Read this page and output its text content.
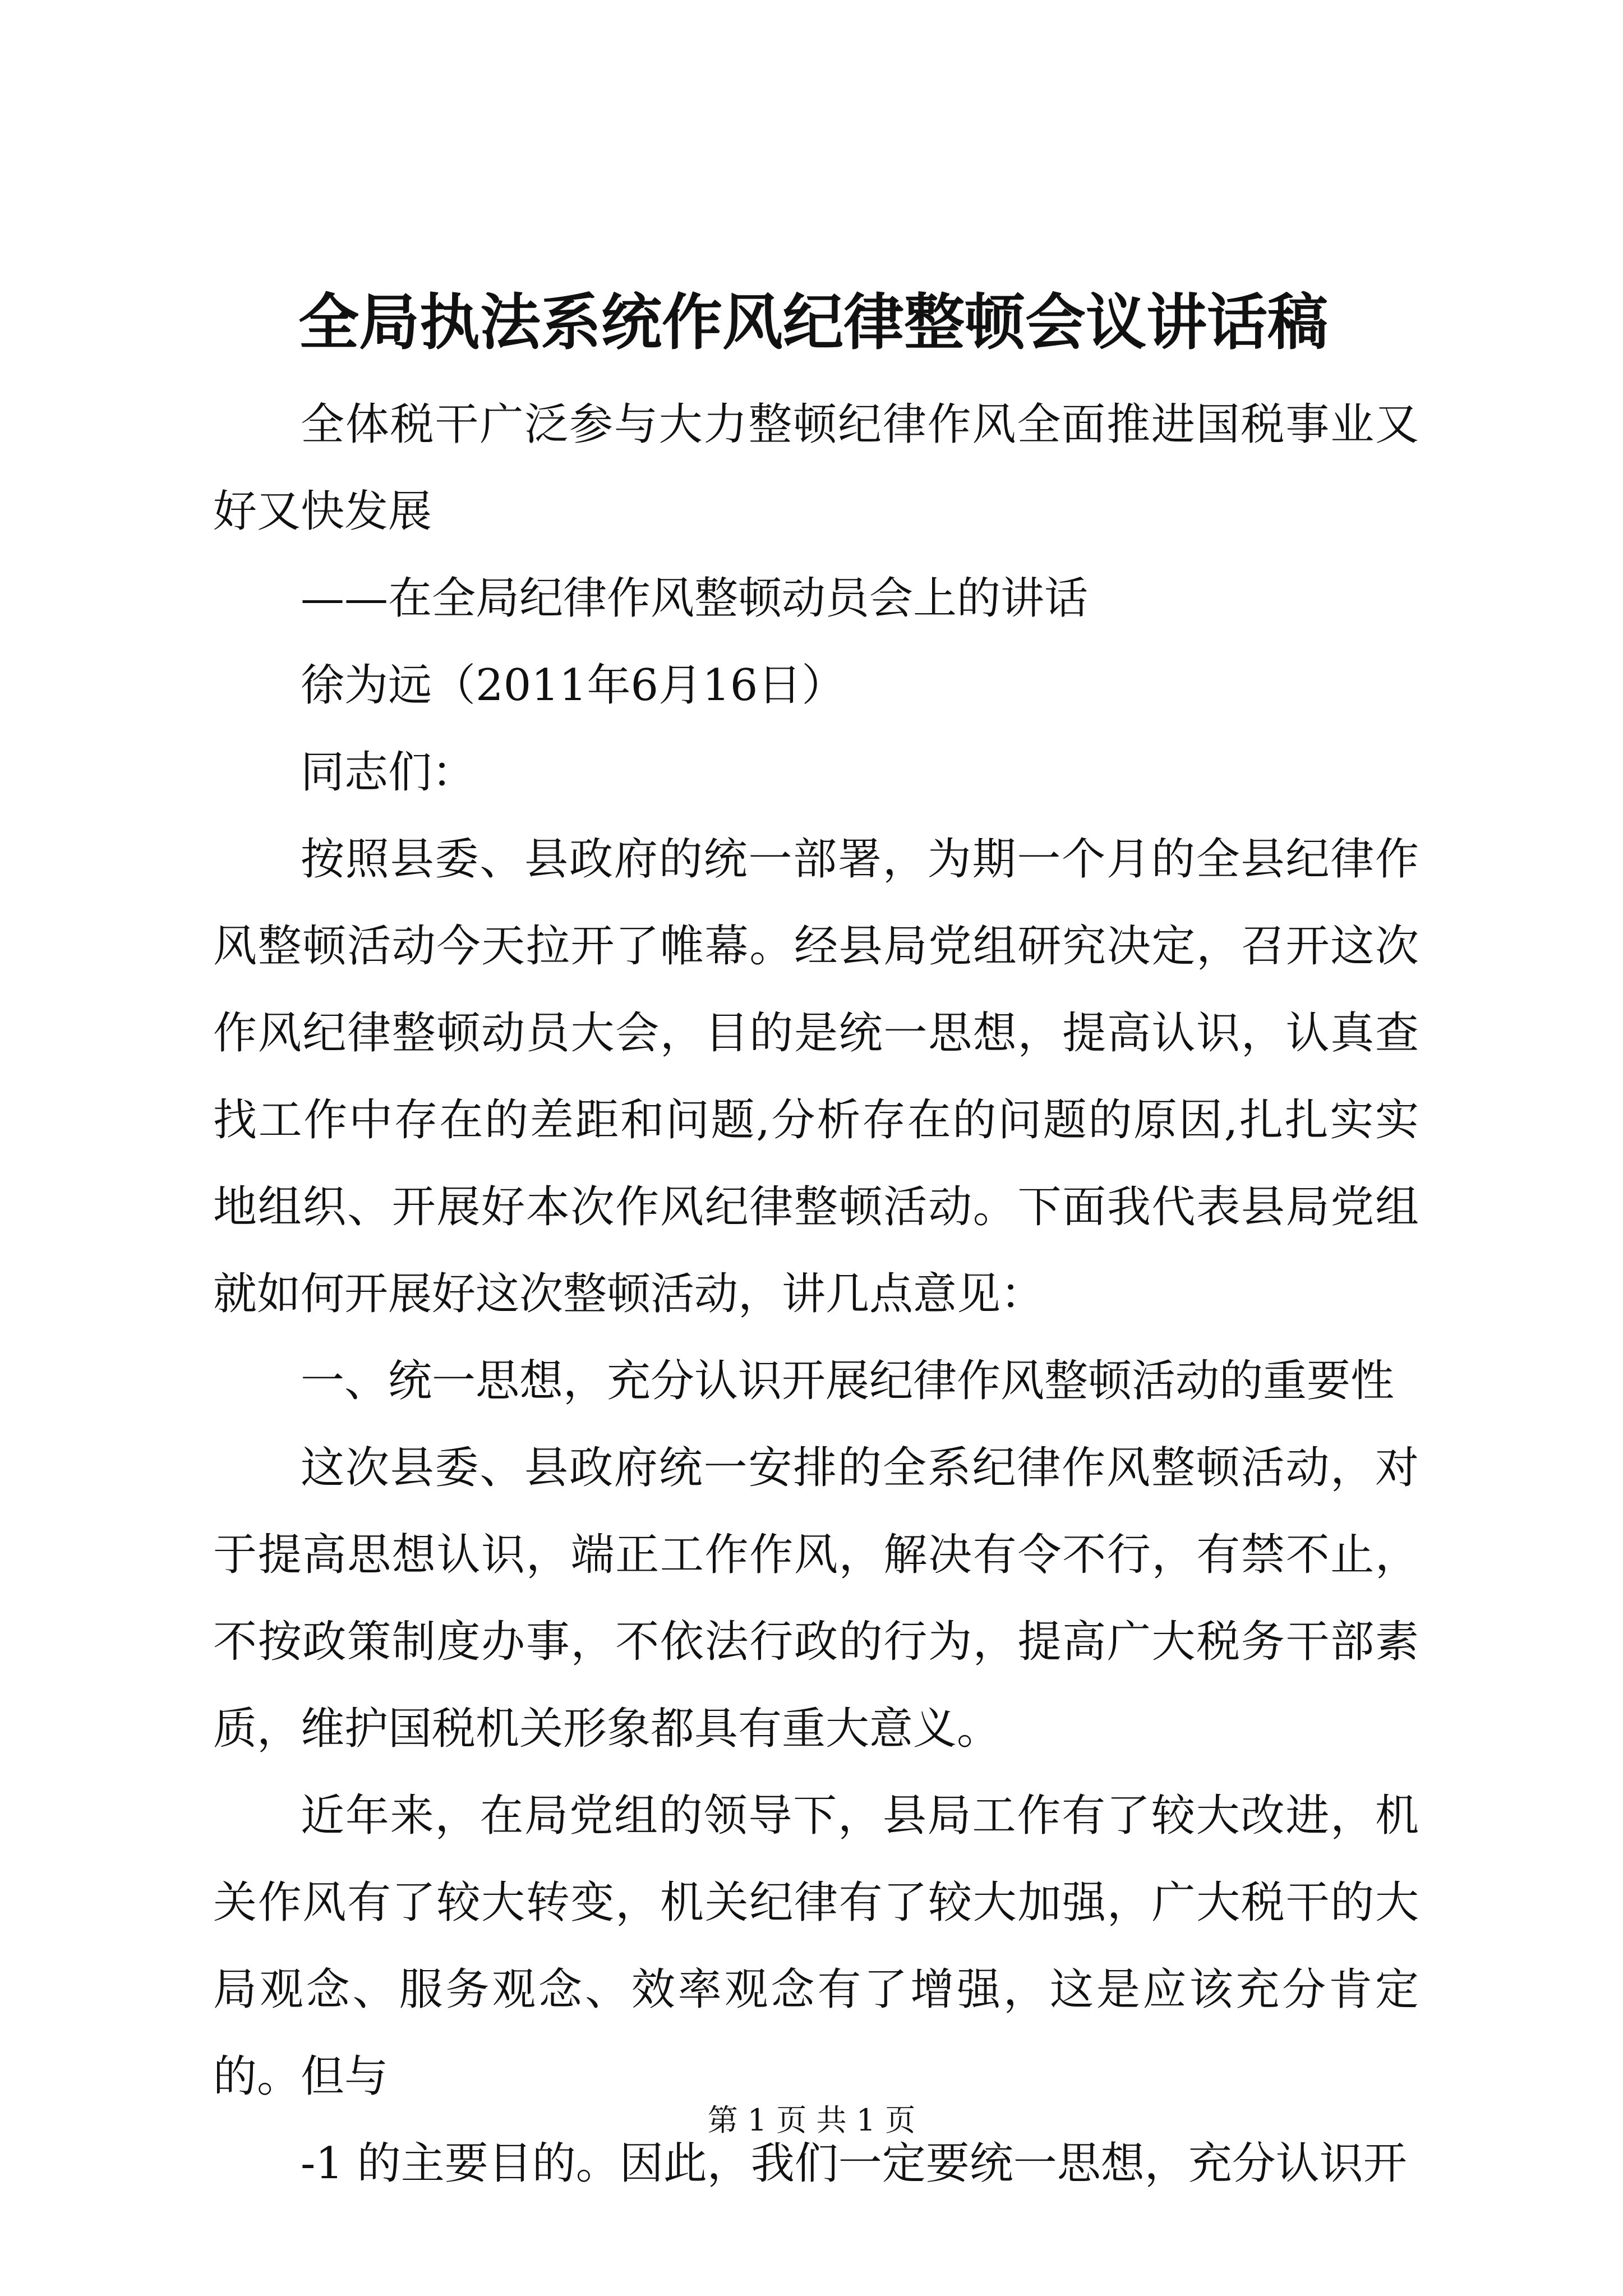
全局执法系统作风纪律整顿会议讲话稿

全体税干广泛参与大力整顿纪律作风全面推进国税事业又好又快发展

——在全局纪律作风整顿动员会上的讲话

徐为远（2011年6月16日）

同志们：

按照县委、县政府的统一部署，为期一个月的全县纪律作风整顿活动今天拉开了帷幕。经县局党组研究决定，召开这次作风纪律整顿动员大会，目的是统一思想，提高认识，认真查找工作中存在的差距和问题,分析存在的问题的原因,扎扎实实地组织、开展好本次作风纪律整顿活动。下面我代表县局党组就如何开展好这次整顿活动，讲几点意见：

一、统一思想，充分认识开展纪律作风整顿活动的重要性

这次县委、县政府统一安排的全系纪律作风整顿活动，对于提高思想认识，端正工作作风，解决有令不行，有禁不止，不按政策制度办事，不依法行政的行为，提高广大税务干部素质，维护国税机关形象都具有重大意义。

近年来，在局党组的领导下，县局工作有了较大改进，机关作风有了较大转变，机关纪律有了较大加强，广大税干的大局观念、服务观念、效率观念有了增强，这是应该充分肯定的。但与

-1 的主要目的。因此，我们一定要统一思想，充分认识开

第 1 页 共 1 页
